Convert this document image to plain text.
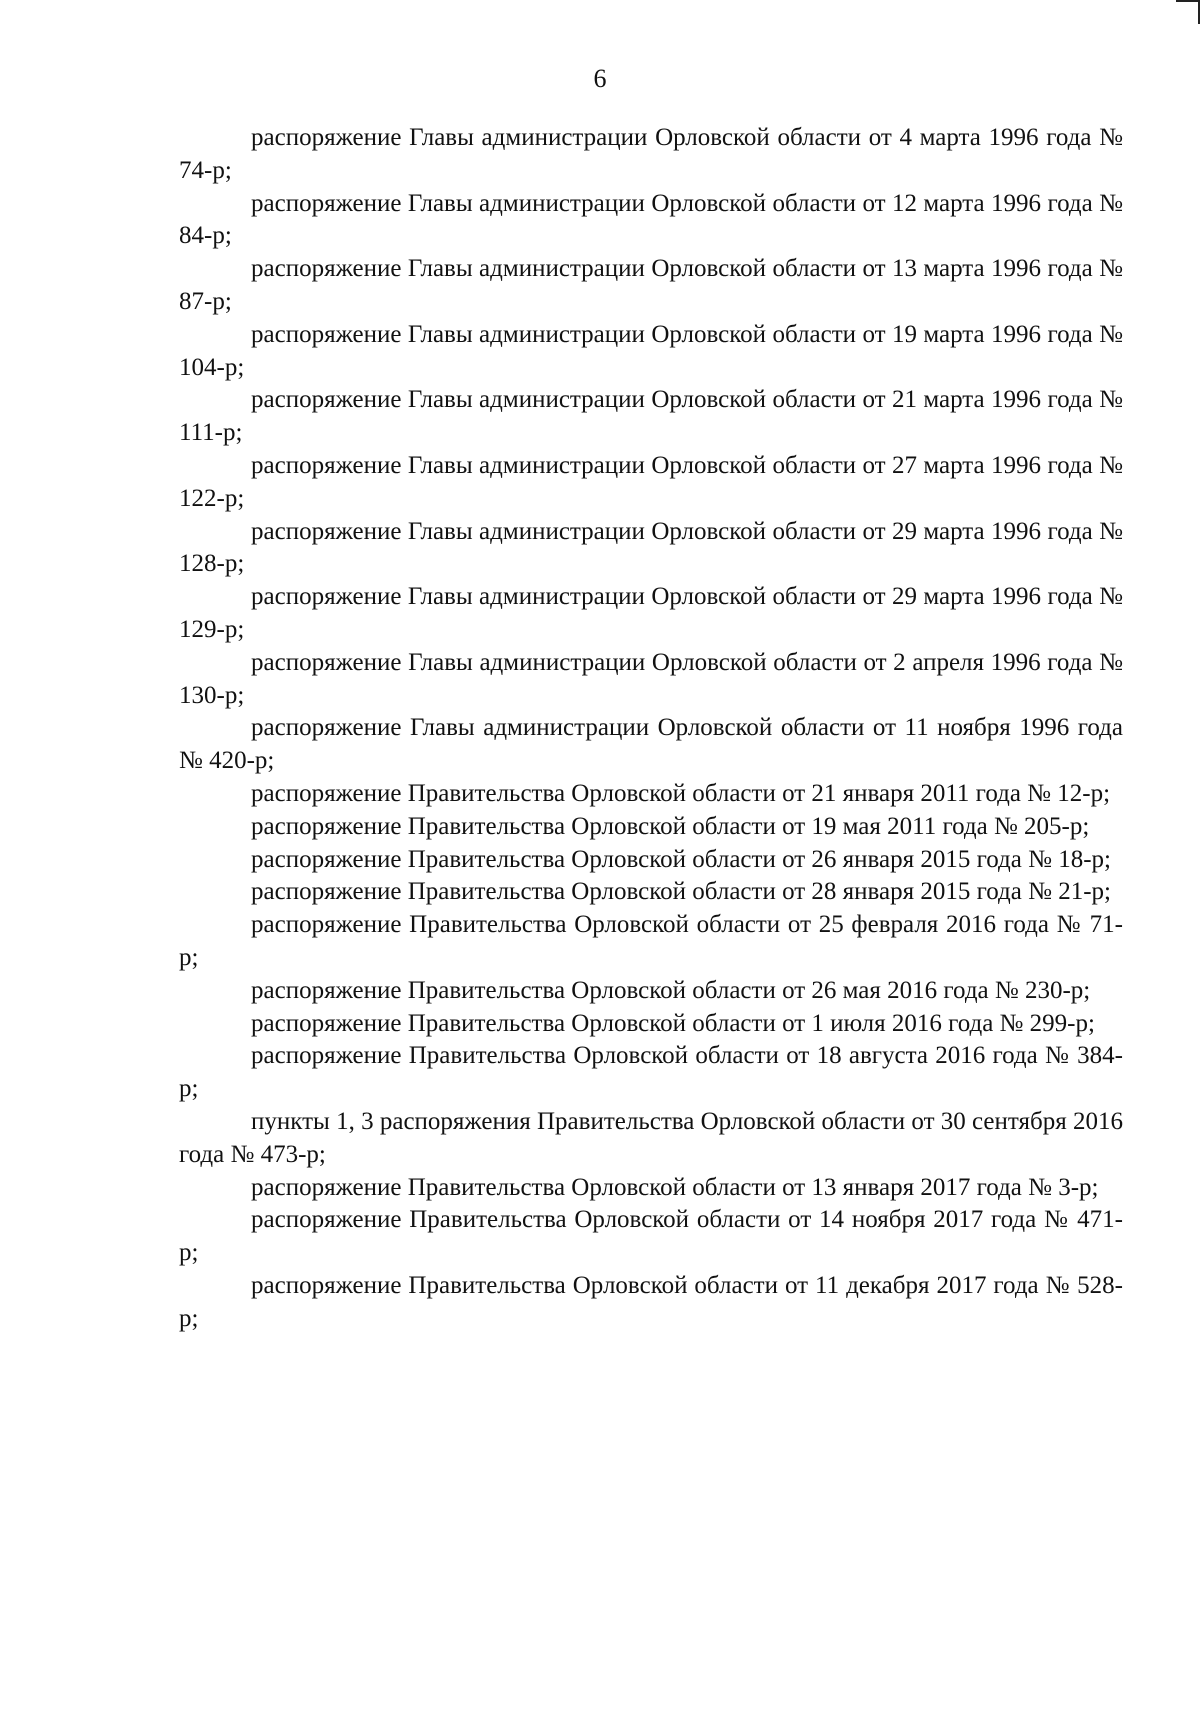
6

распоряжение Главы администрации Орловской области от 4 марта 1996 года № 74-р;

распоряжение Главы администрации Орловской области от 12 марта 1996 года № 84-р;

распоряжение Главы администрации Орловской области от 13 марта 1996 года № 87-р;

распоряжение Главы администрации Орловской области от 19 марта 1996 года № 104-р;

распоряжение Главы администрации Орловской области от 21 марта 1996 года № 111-р;

распоряжение Главы администрации Орловской области от 27 марта 1996 года № 122-р;

распоряжение Главы администрации Орловской области от 29 марта 1996 года № 128-р;

распоряжение Главы администрации Орловской области от 29 марта 1996 года № 129-р;

распоряжение Главы администрации Орловской области от 2 апреля 1996 года № 130-р;

распоряжение Главы администрации Орловской области от 11 ноября 1996 года № 420-р;

распоряжение Правительства Орловской области от 21 января 2011 года № 12-р;

распоряжение Правительства Орловской области от 19 мая 2011 года № 205-р;

распоряжение Правительства Орловской области от 26 января 2015 года № 18-р;

распоряжение Правительства Орловской области от 28 января 2015 года № 21-р;

распоряжение Правительства Орловской области от 25 февраля 2016 года № 71-р;

распоряжение Правительства Орловской области от 26 мая 2016 года № 230-р;

распоряжение Правительства Орловской области от 1 июля 2016 года № 299-р;

распоряжение Правительства Орловской области от 18 августа 2016 года № 384-р;

пункты 1, 3 распоряжения Правительства Орловской области от 30 сентября 2016 года № 473-р;

распоряжение Правительства Орловской области от 13 января 2017 года № 3-р;

распоряжение Правительства Орловской области от 14 ноября 2017 года № 471-р;

распоряжение Правительства Орловской области от 11 декабря 2017 года № 528-р;
